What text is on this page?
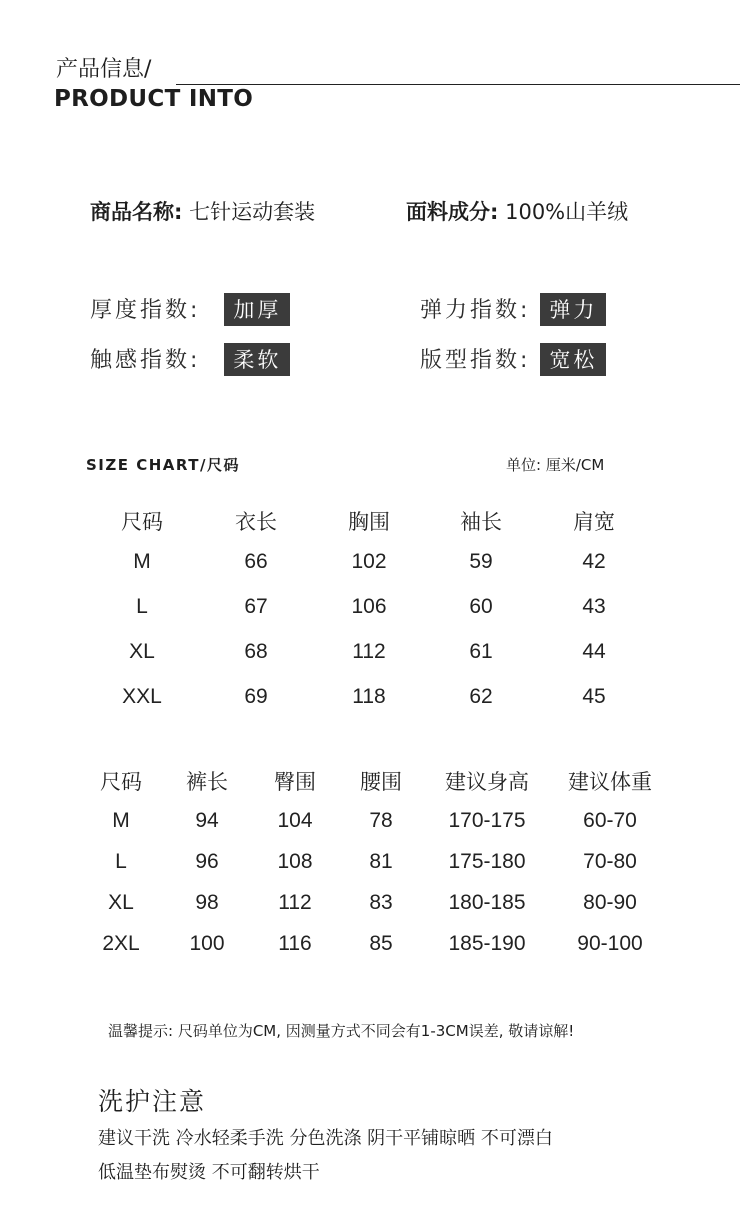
产品信息/
PRODUCT INTO
商品名称: 七针运动套装	面料成分: 100%山羊绒
厚度指数: 加厚	弹力指数: 弹力
触感指数: 柔软	版型指数: 宽松
SIZE CHART/尺码	单位: 厘米/CM
尺码	衣长	胸围	袖长	肩宽
M	66	102	59	42
L	67	106	60	43
XL	68	112	61	44
XXL	69	118	62	45
尺码 裤长 臀围 腰围 建议身高 建议体重
M	94	104	78	170-175	60-70
L	96	108	81	175-180	70-80
XL	98	112	83	180-185	80-90
2XL 100	116	85	185-190 90-100
温馨提示: 尺码单位为CM, 因测量方式不同会有1-3CM误差, 敬请谅解!
洗护注意
建议干洗 冷水轻柔手洗 分色洗涤 阴干平铺晾晒 不可漂白
低温垫布熨烫 不可翻转烘干
